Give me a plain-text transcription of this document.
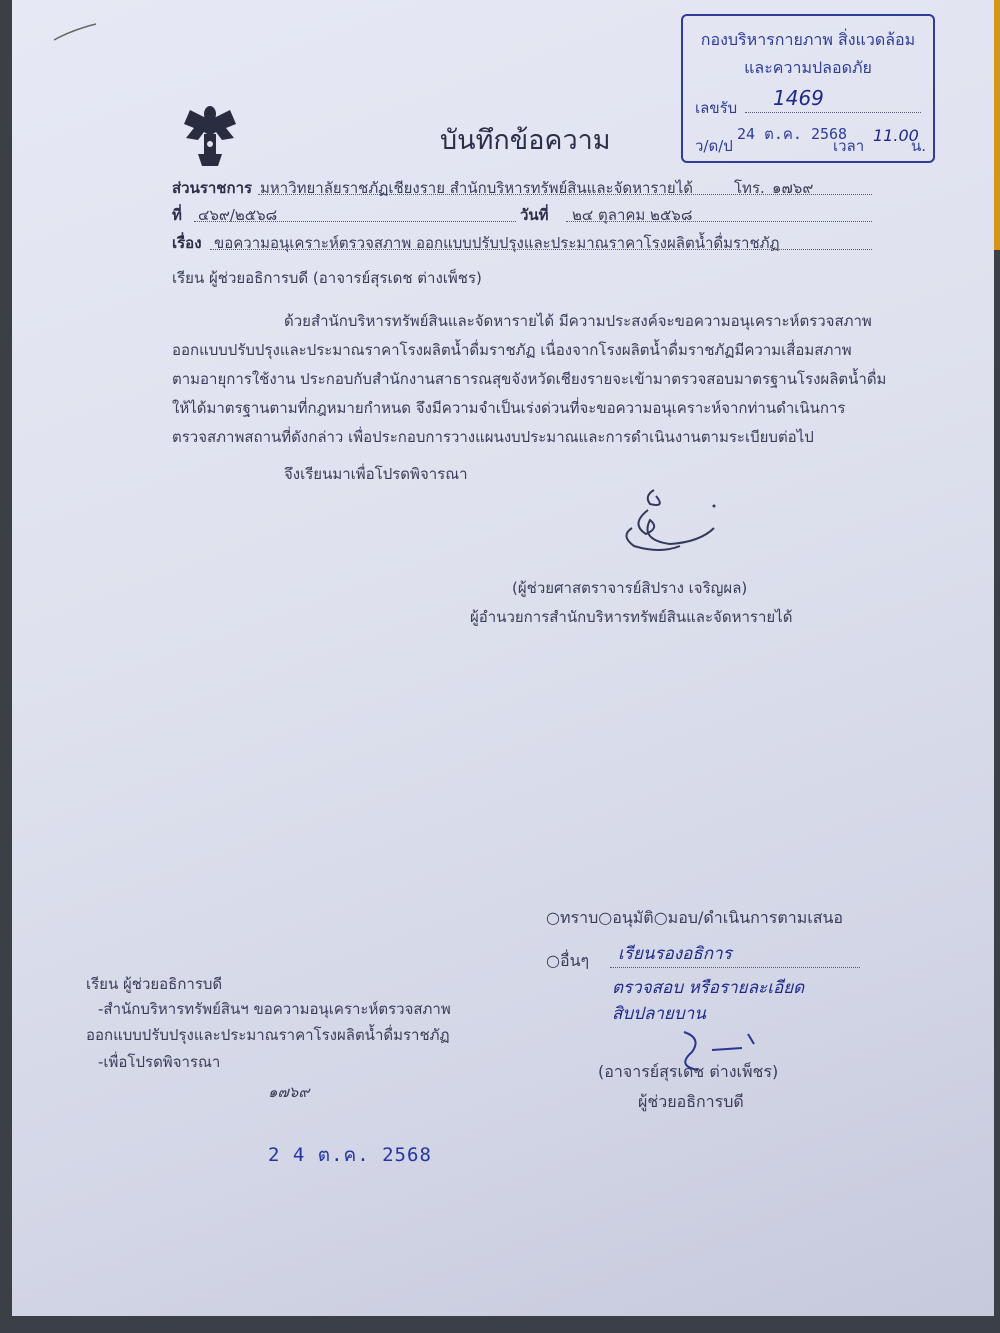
กองบริหารกายภาพ สิ่งแวดล้อม
และความปลอดภัย
เลขรับ 1469
ว/ด/ป
24 ต.ค. 2568
เวลา
11.00
น.
บันทึกข้อความ
ส่วนราชการ มหาวิทยาลัยราชภัฏเชียงราย สำนักบริหารทรัพย์สินและจัดหารายได้	โทร. ๑๗๖๙
ที่ ๔๖๙/๒๕๖๘	วันที่ ๒๔ ตุลาคม ๒๕๖๘
เรื่อง ขอความอนุเคราะห์ตรวจสภาพ ออกแบบปรับปรุงและประมาณราคาโรงผลิตน้ำดื่มราชภัฏ
เรียน ผู้ช่วยอธิการบดี (อาจารย์สุรเดช ต่างเพ็ชร)
ด้วยสำนักบริหารทรัพย์สินและจัดหารายได้ มีความประสงค์จะขอความอนุเคราะห์ตรวจสภาพ
ออกแบบปรับปรุงและประมาณราคาโรงผลิตน้ำดื่มราชภัฏ เนื่องจากโรงผลิตน้ำดื่มราชภัฏมีความเสื่อมสภาพ
ตามอายุการใช้งาน ประกอบกับสำนักงานสาธารณสุขจังหวัดเชียงรายจะเข้ามาตรวจสอบมาตรฐานโรงผลิตน้ำดื่ม
ให้ได้มาตรฐานตามที่กฎหมายกำหนด จึงมีความจำเป็นเร่งด่วนที่จะขอความอนุเคราะห์จากท่านดำเนินการ
ตรวจสภาพสถานที่ดังกล่าว เพื่อประกอบการวางแผนงบประมาณและการดำเนินงานตามระเบียบต่อไป
จึงเรียนมาเพื่อโปรดพิจารณา
(ผู้ช่วยศาสตราจารย์สิปราง เจริญผล)
ผู้อำนวยการสำนักบริหารทรัพย์สินและจัดหารายได้
เรียน ผู้ช่วยอธิการบดี
-สำนักบริหารทรัพย์สินฯ ขอความอนุเคราะห์ตรวจสภาพ
ออกแบบปรับปรุงและประมาณราคาโรงผลิตน้ำดื่มราชภัฏ
-เพื่อโปรดพิจารณา
๑๗๖๙
2 4 ต.ค. 2568
○ทราบ○อนุมัติ○มอบ/ดำเนินการตามเสนอ
○อื่นๆ เรียนรองอธิการ
ตรวจสอบ หรือรายละเอียด
สิบปลายบาน
(อาจารย์สุรเดช ต่างเพ็ชร)
ผู้ช่วยอธิการบดี
